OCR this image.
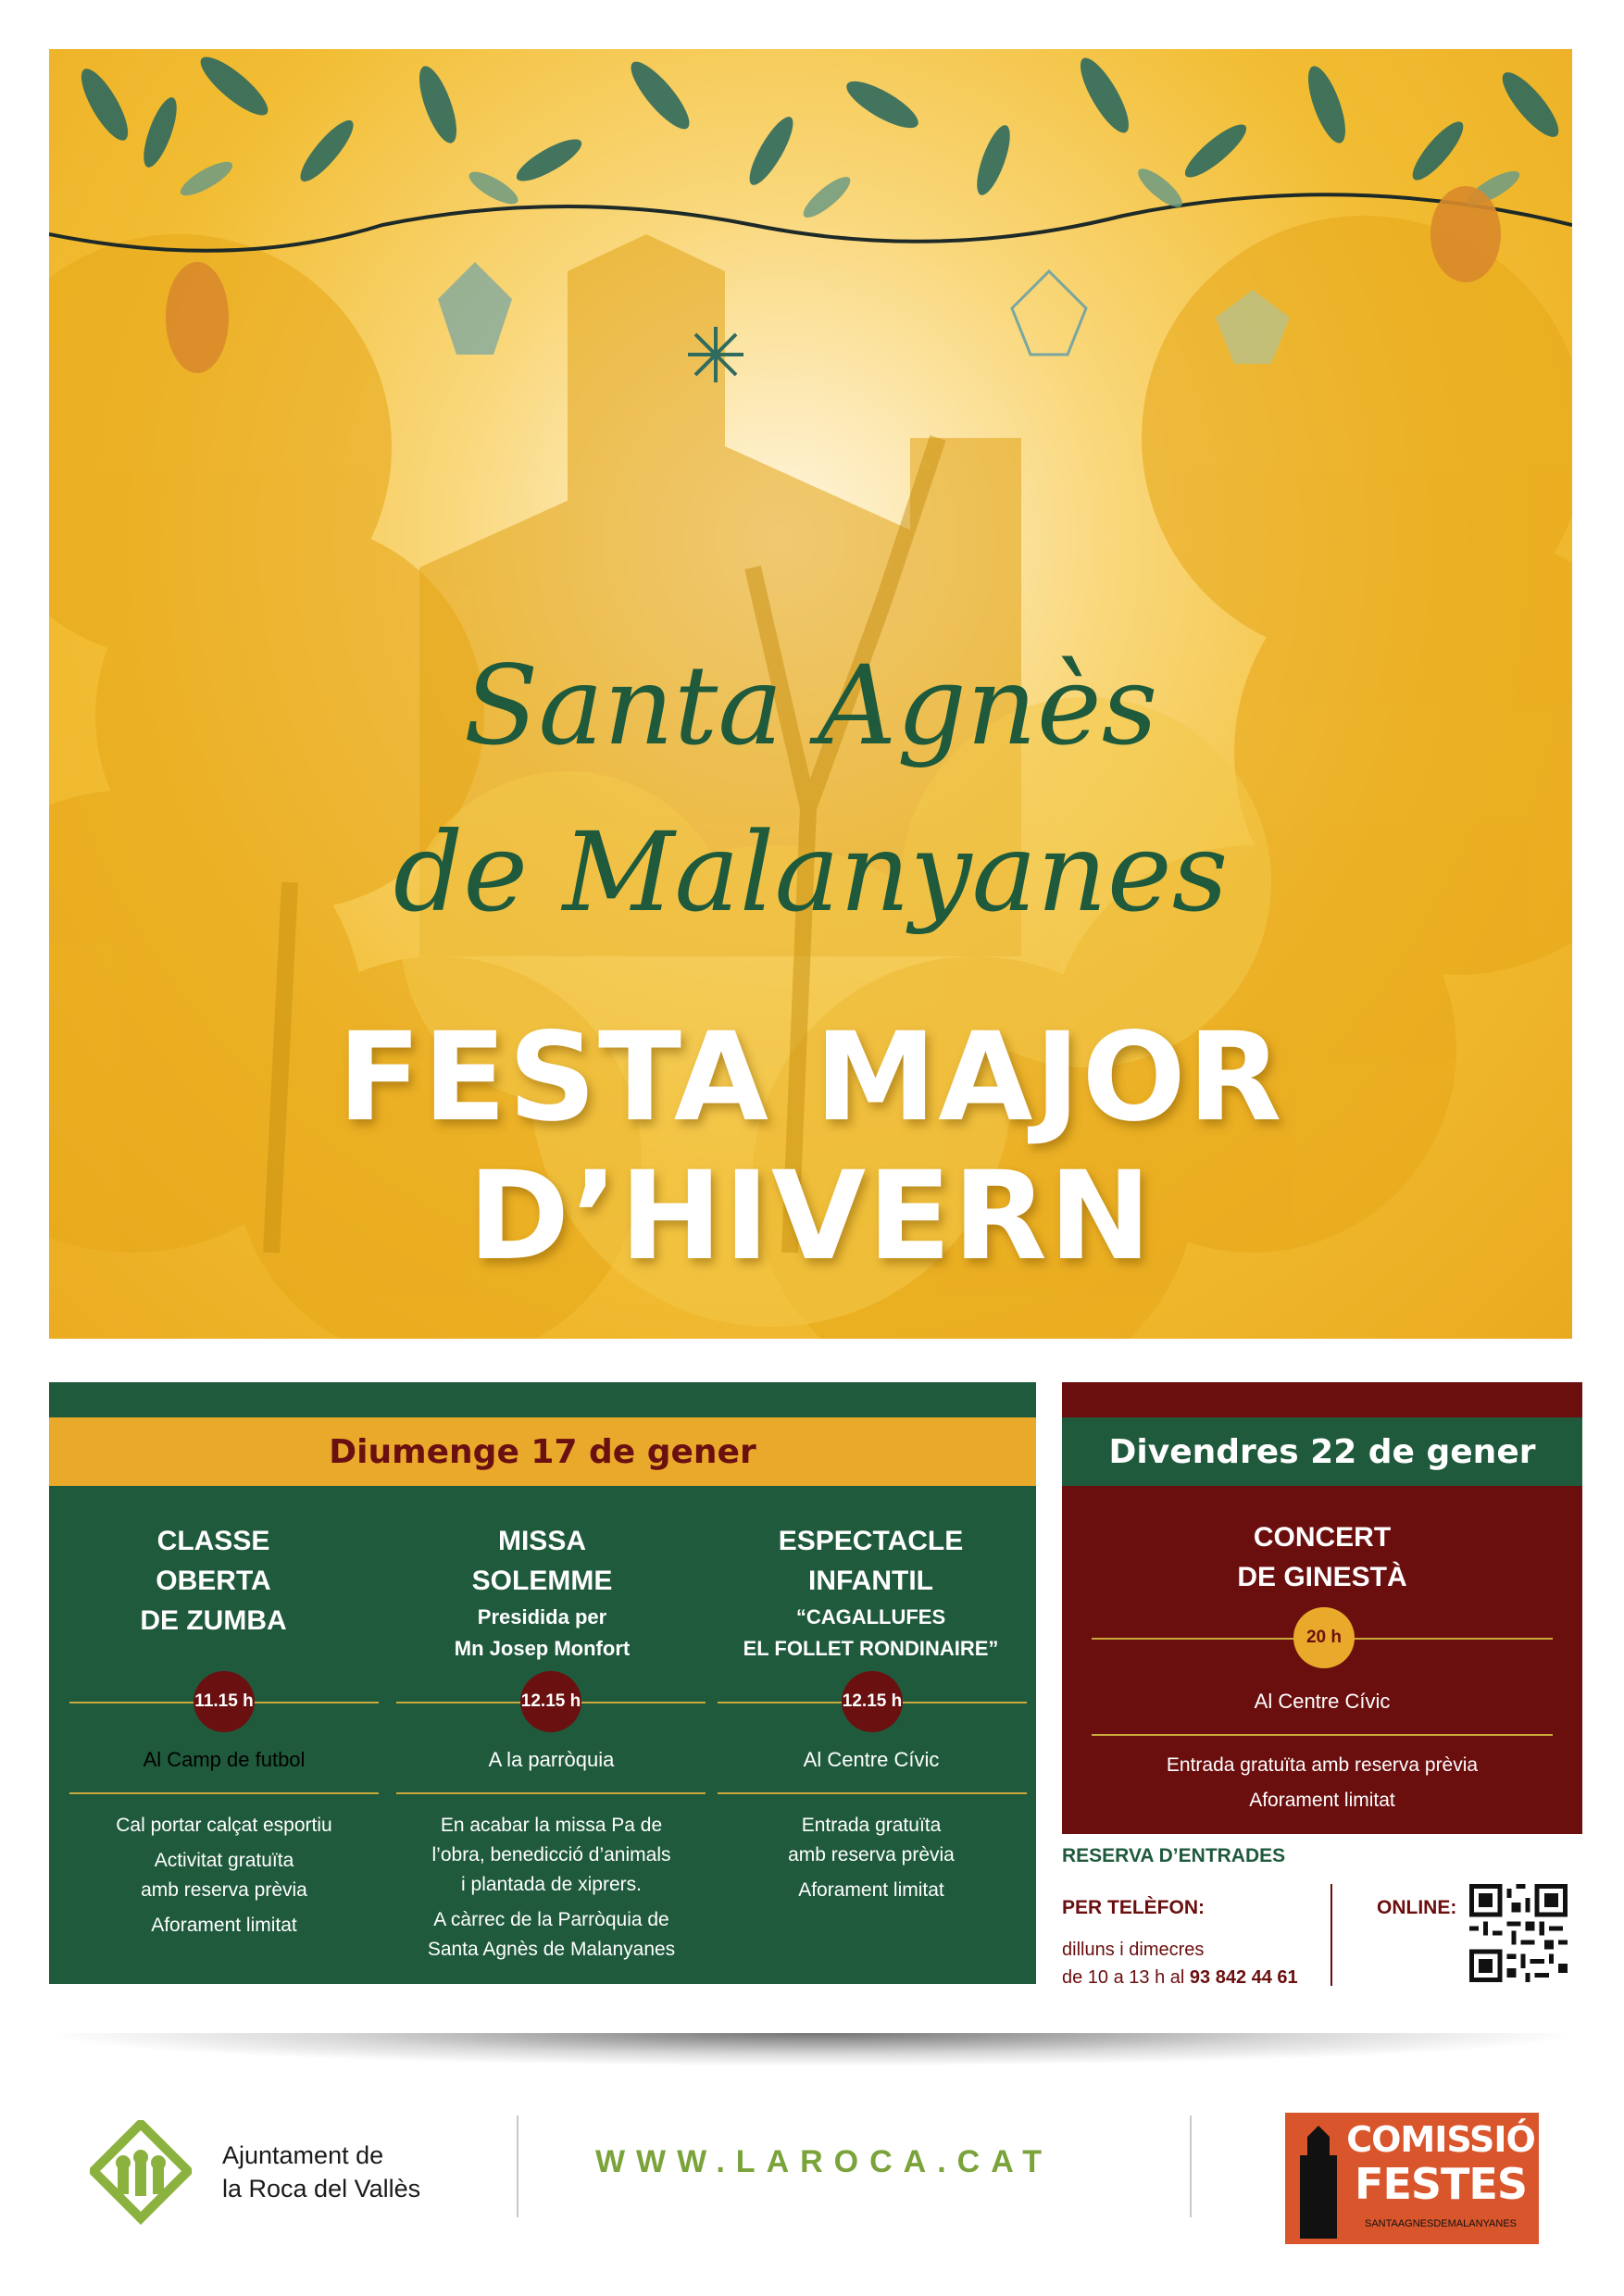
Santa Agnès
de Malanyanes
FESTA MAJOR
D’HIVERN
Diumenge 17 de gener
CLASSE
OBERTA
DE ZUMBA
11.15 h
Al Camp de futbol
Cal portar calçat esportiu
Activitat gratuïta
amb reserva prèvia
Aforament limitat
MISSA
SOLEMME
Presidida per
Mn Josep Monfort
12.15 h
A la parròquia
En acabar la missa Pa de
l’obra, benedicció d’animals
i plantada de xiprers.
A càrrec de la Parròquia de
Santa Agnès de Malanyanes
ESPECTACLE
INFANTIL
“CAGALLUFES
EL FOLLET RONDINAIRE”
12.15 h
Al Centre Cívic
Entrada gratuïta
amb reserva prèvia
Aforament limitat
Divendres 22 de gener
CONCERT
DE GINESTÀ
20 h
Al Centre Cívic
Entrada gratuïta amb reserva prèvia
Aforament limitat
RESERVA D’ENTRADES
PER TELÈFON:
dilluns i dimecres
de 10 a 13 h al 93 842 44 61
ONLINE:
Ajuntament de
la Roca del Vallès
WWW.LAROCA.CAT
COMISSIÓ
FESTES
SANTAAGNESDEMALANYANES
